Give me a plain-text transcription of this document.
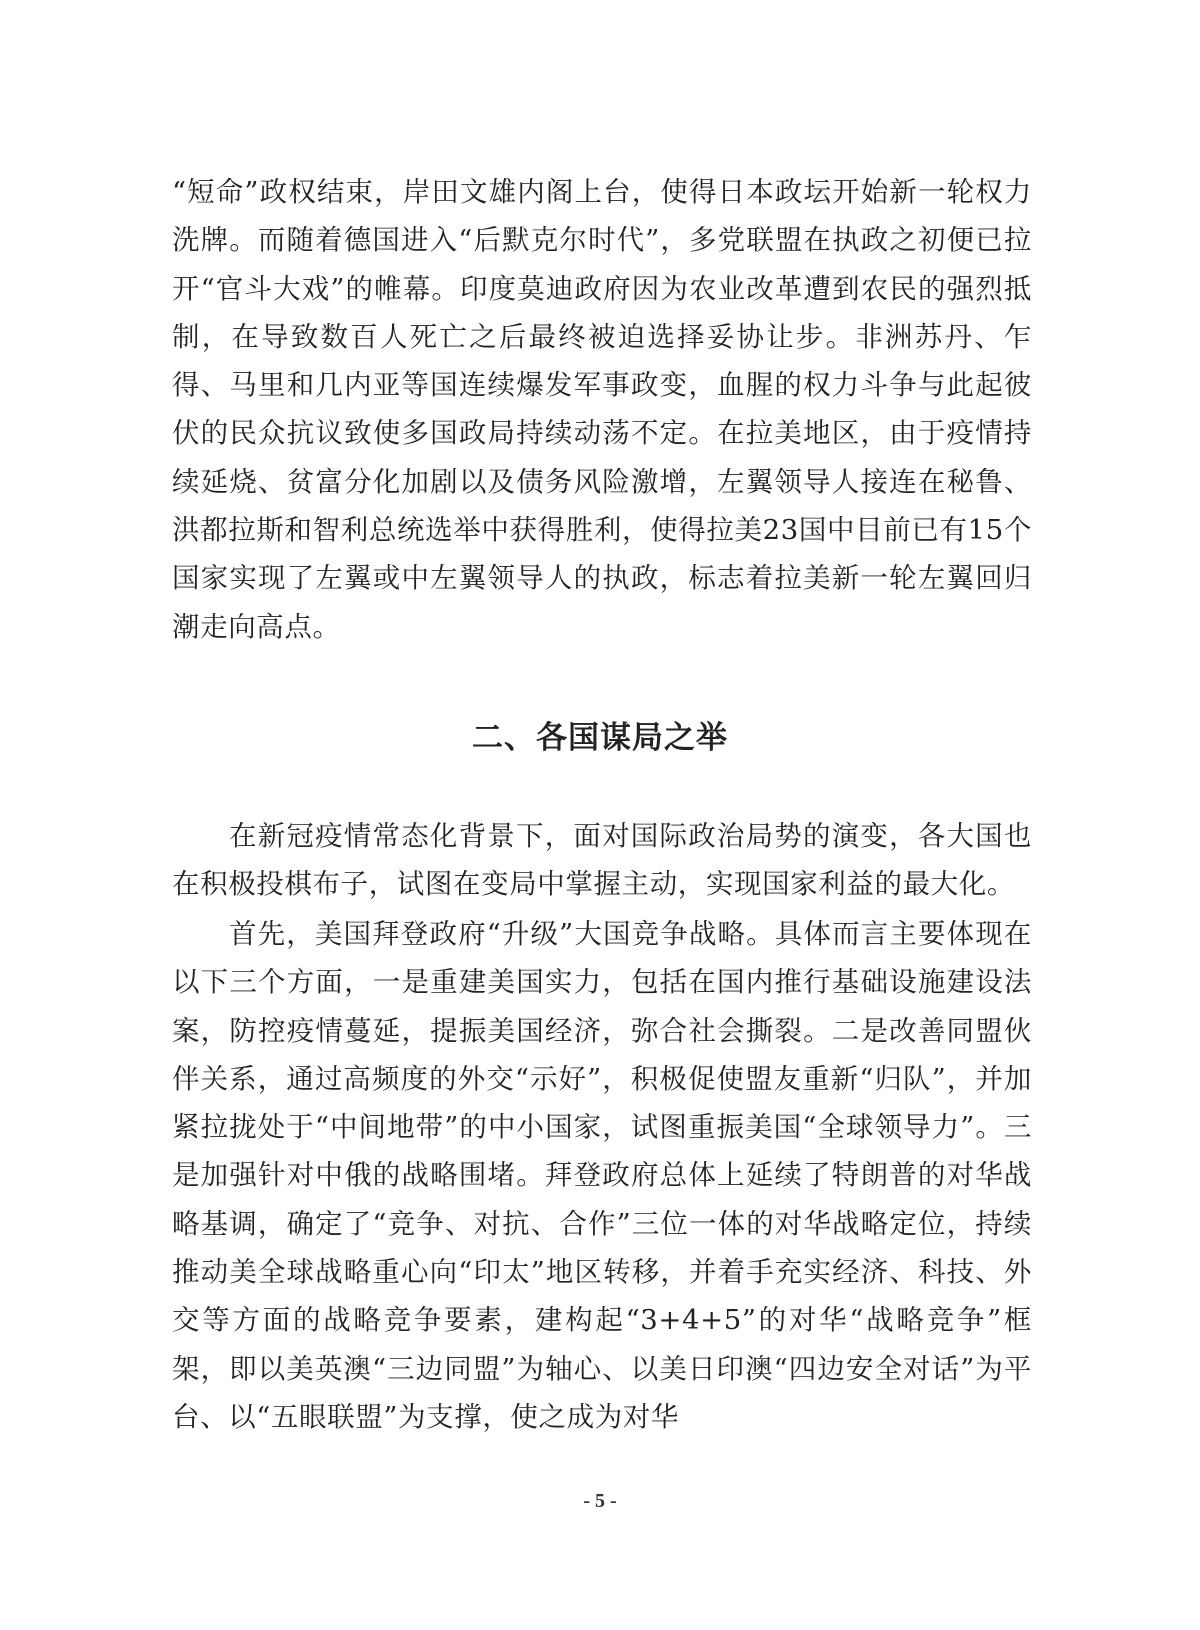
“短命”政权结束，岸田文雄内阁上台，使得日本政坛开始新一轮权力洗牌。而随着德国进入“后默克尔时代”，多党联盟在执政之初便已拉开“官斗大戏”的帷幕。印度莫迪政府因为农业改革遭到农民的强烈抵制，在导致数百人死亡之后最终被迫选择妥协让步。非洲苏丹、乍得、马里和几内亚等国连续爆发军事政变，血腥的权力斗争与此起彼伏的民众抗议致使多国政局持续动荡不定。在拉美地区，由于疫情持续延烧、贫富分化加剧以及债务风险激增，左翼领导人接连在秘鲁、洪都拉斯和智利总统选举中获得胜利，使得拉美23国中目前已有15个国家实现了左翼或中左翼领导人的执政，标志着拉美新一轮左翼回归潮走向高点。

二、各国谋局之举

在新冠疫情常态化背景下，面对国际政治局势的演变，各大国也在积极投棋布子，试图在变局中掌握主动，实现国家利益的最大化。

首先，美国拜登政府“升级”大国竞争战略。具体而言主要体现在以下三个方面，一是重建美国实力，包括在国内推行基础设施建设法案，防控疫情蔓延，提振美国经济，弥合社会撕裂。二是改善同盟伙伴关系，通过高频度的外交“示好”，积极促使盟友重新“归队”，并加紧拉拢处于“中间地带”的中小国家，试图重振美国“全球领导力”。三是加强针对中俄的战略围堵。拜登政府总体上延续了特朗普的对华战略基调，确定了“竞争、对抗、合作”三位一体的对华战略定位，持续推动美全球战略重心向“印太”地区转移，并着手充实经济、科技、外交等方面的战略竞争要素，建构起“3+4+5”的对华“战略竞争”框架，即以美英澳“三边同盟”为轴心、以美日印澳“四边安全对话”为平台、以“五眼联盟”为支撑，使之成为对华

- 5 -
